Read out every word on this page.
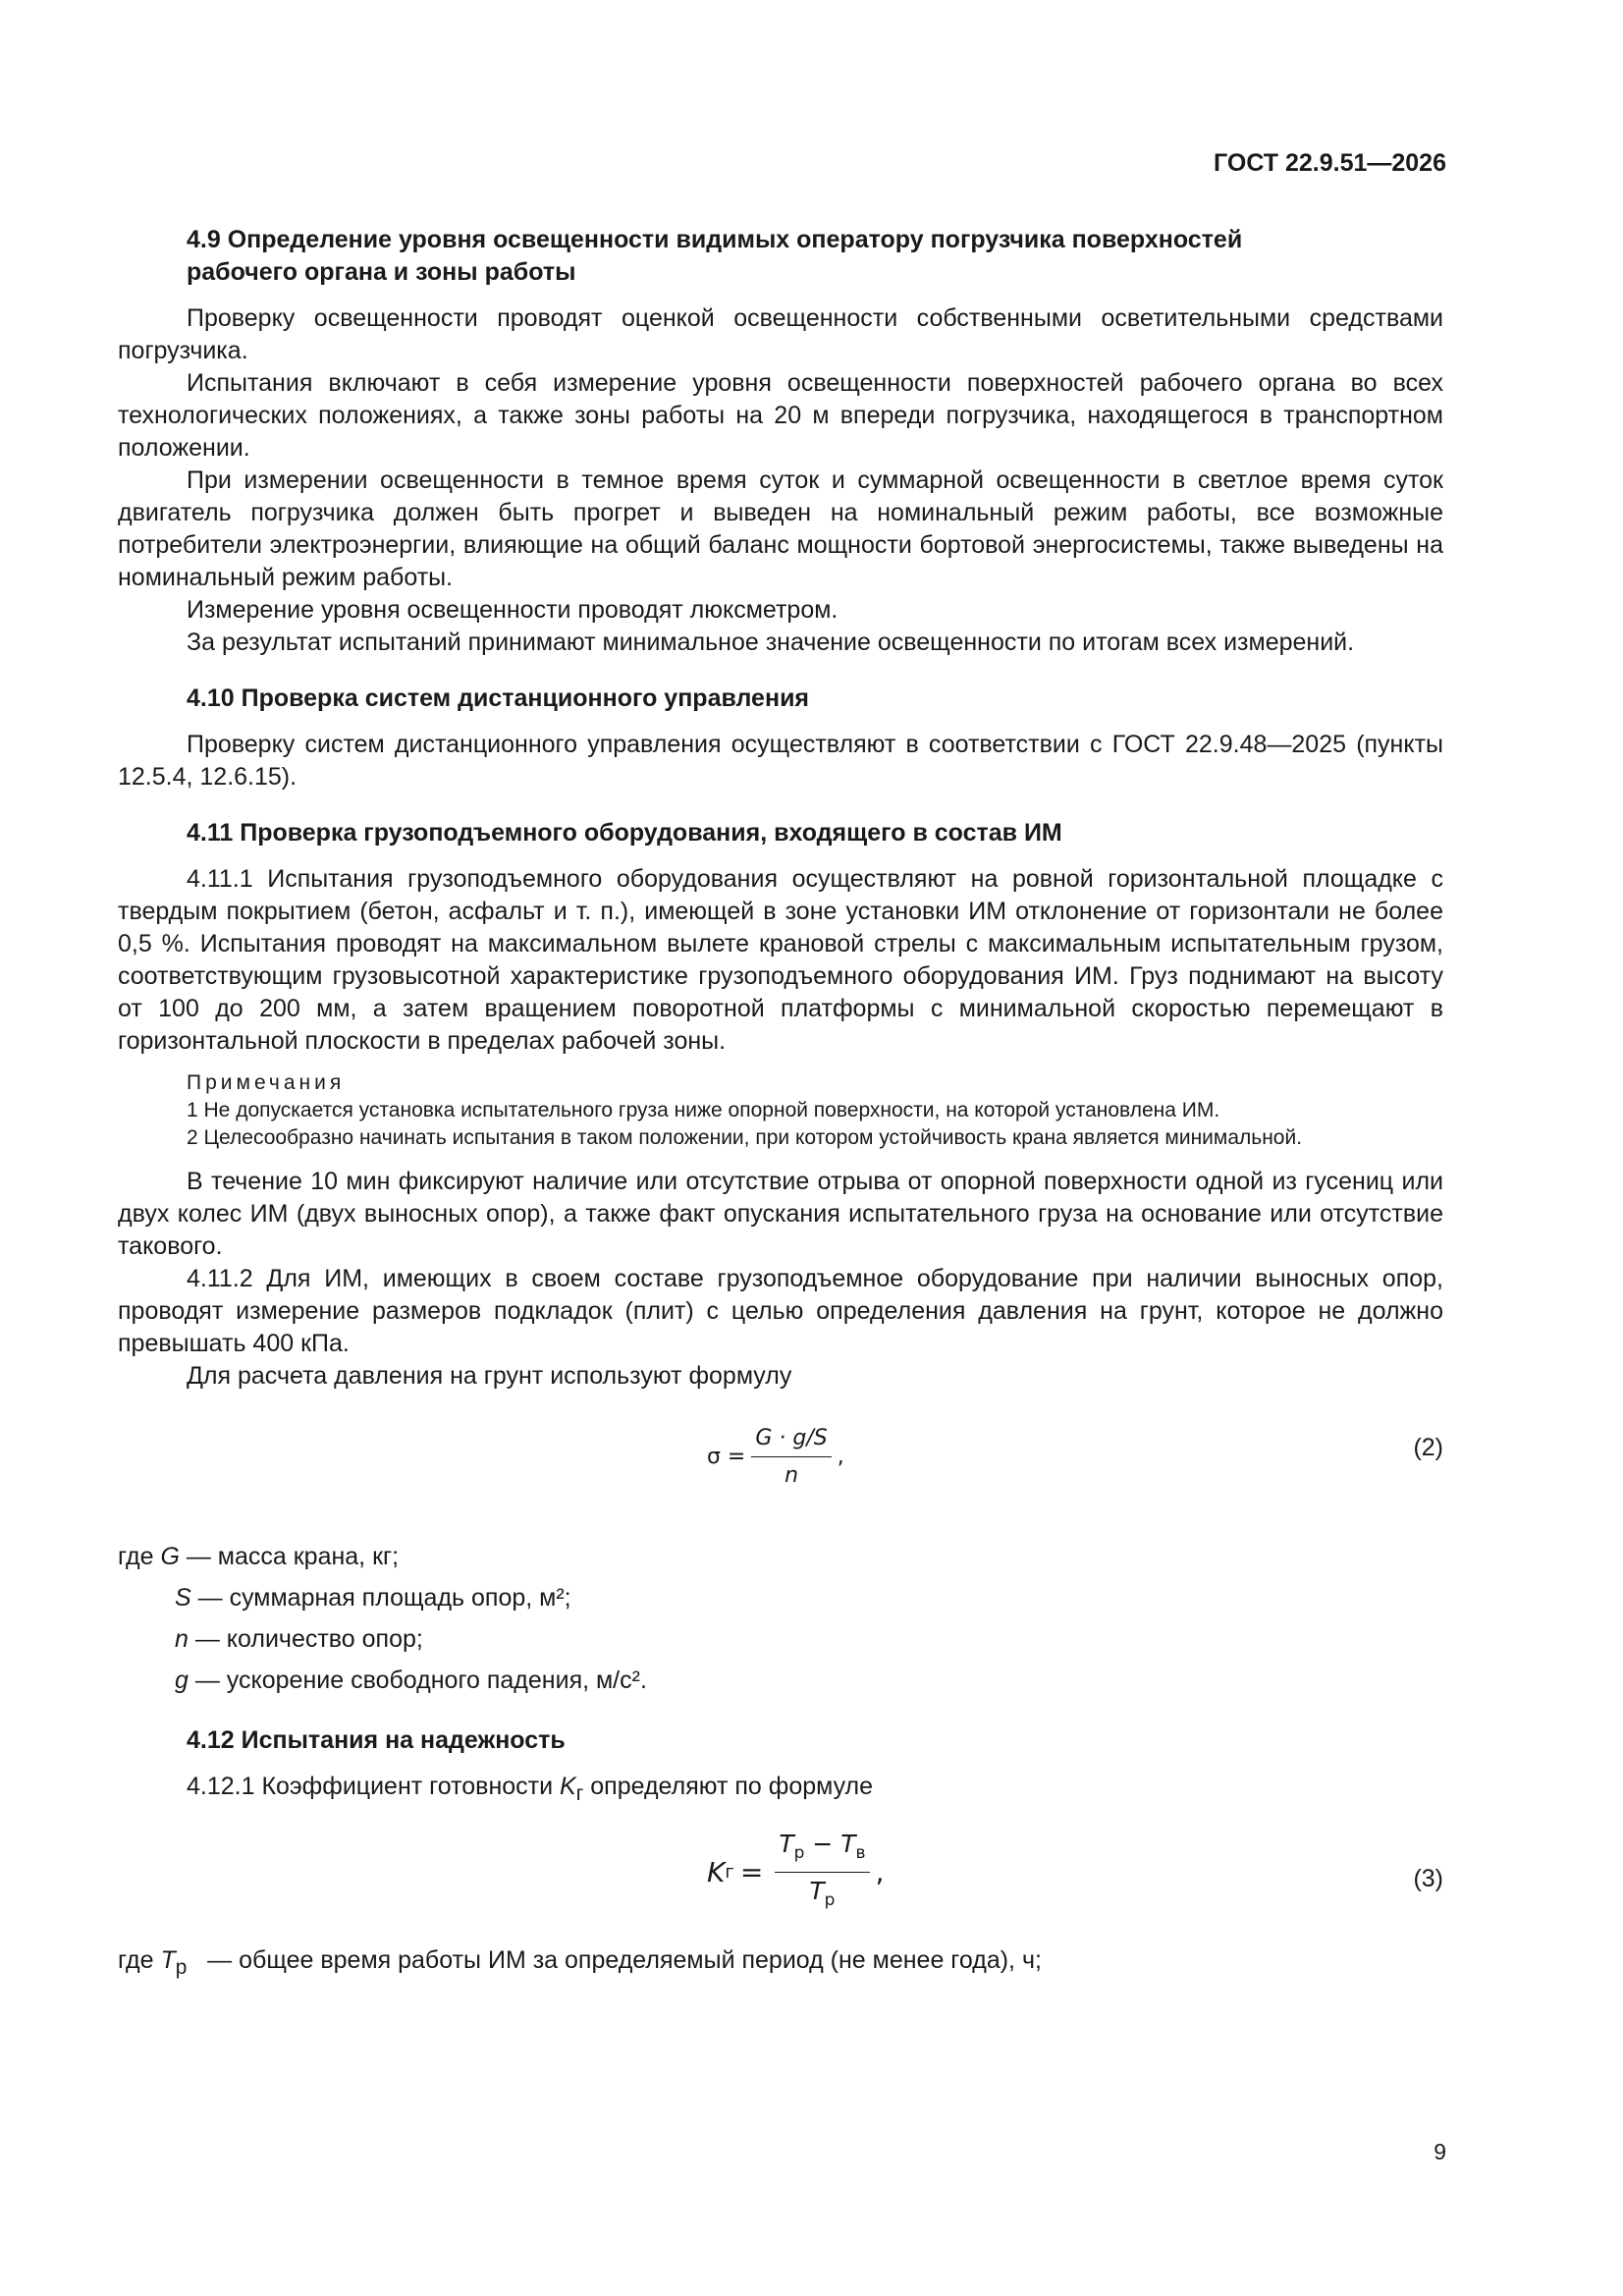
ГОСТ 22.9.51—2026
4.9 Определение уровня освещенности видимых оператору погрузчика поверхностей
рабочего органа и зоны работы

Проверку освещенности проводят оценкой освещенности собственными осветительными средствами погрузчика.

Испытания включают в себя измерение уровня освещенности поверхностей рабочего органа во всех технологических положениях, а также зоны работы на 20 м впереди погрузчика, находящегося в транспортном положении.

При измерении освещенности в темное время суток и суммарной освещенности в светлое время суток двигатель погрузчика должен быть прогрет и выведен на номинальный режим работы, все возможные потребители электроэнергии, влияющие на общий баланс мощности бортовой энергосистемы, также выведены на номинальный режим работы.

Измерение уровня освещенности проводят люксметром.

За результат испытаний принимают минимальное значение освещенности по итогам всех измерений.

4.10 Проверка систем дистанционного управления

Проверку систем дистанционного управления осуществляют в соответствии с ГОСТ 22.9.48—2025 (пункты 12.5.4, 12.6.15).

4.11 Проверка грузоподъемного оборудования, входящего в состав ИМ

4.11.1 Испытания грузоподъемного оборудования осуществляют на ровной горизонтальной площадке с твердым покрытием (бетон, асфальт и т. п.), имеющей в зоне установки ИМ отклонение от горизонтали не более 0,5 %. Испытания проводят на максимальном вылете крановой стрелы с максимальным испытательным грузом, соответствующим грузовысотной характеристике грузоподъемного оборудования ИМ. Груз поднимают на высоту от 100 до 200 мм, а затем вращением поворотной платформы с минимальной скоростью перемещают в горизонтальной плоскости в пределах рабочей зоны.

Примечания
1 Не допускается установка испытательного груза ниже опорной поверхности, на которой установлена ИМ.
2 Целесообразно начинать испытания в таком положении, при котором устойчивость крана является минимальной.

В течение 10 мин фиксируют наличие или отсутствие отрыва от опорной поверхности одной из гусениц или двух колес ИМ (двух выносных опор), а также факт опускания испытательного груза на основание или отсутствие такового.

4.11.2 Для ИМ, имеющих в своем составе грузоподъемное оборудование при наличии выносных опор, проводят измерение размеров подкладок (плит) с целью определения давления на грунт, которое не должно превышать 400 кПа.

Для расчета давления на грунт используют формулу

$\sigma = \frac{G \cdot g/S}{n}$ ,	(2)
где G — масса крана, кг;
S — суммарная площадь опор, м²;
n — количество опор;
g — ускорение свободного падения, м/с².
4.12 Испытания на надежность

4.12.1 Коэффициент готовности $K_г$ определяют по формуле

K $г = \frac{T_р - T_в}{T_р}$ ,	(3)
где $T_р$ — общее время работы ИМ за определяемый период (не менее года), ч;
9
